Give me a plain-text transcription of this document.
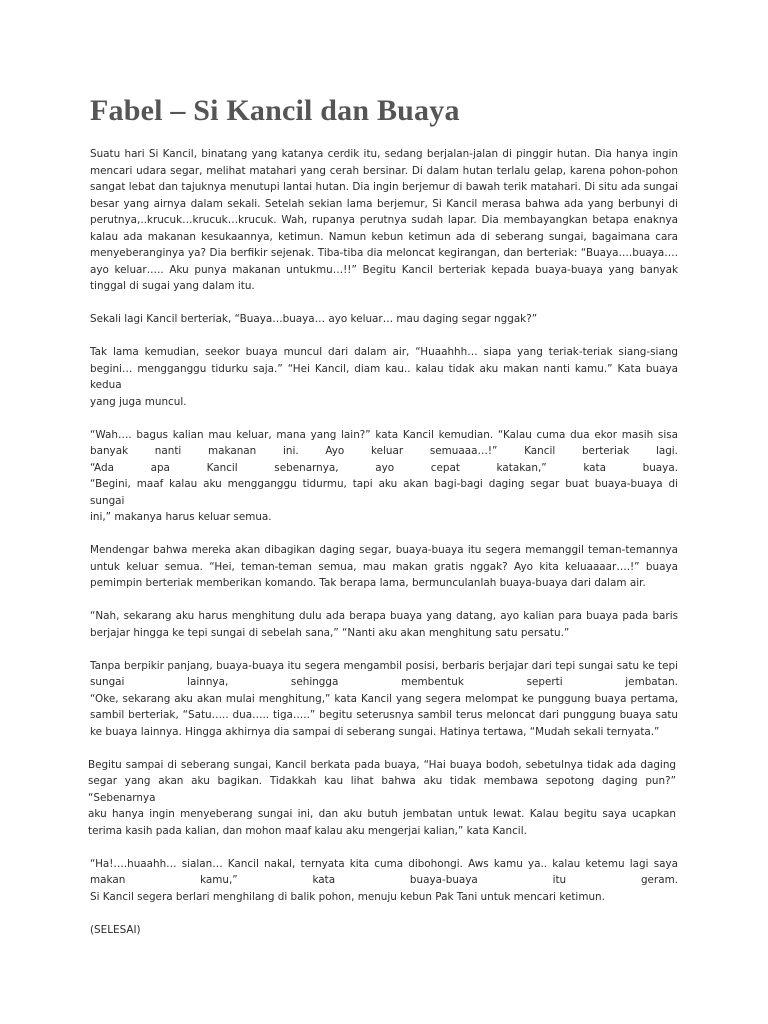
Fabel – Si Kancil dan Buaya

Suatu hari Si Kancil, binatang yang katanya cerdik itu, sedang berjalan-jalan di pinggir hutan. Dia hanya ingin
mencari udara segar, melihat matahari yang cerah bersinar. Di dalam hutan terlalu gelap, karena pohon-pohon
sangat lebat dan tajuknya menutupi lantai hutan. Dia ingin berjemur di bawah terik matahari. Di situ ada sungai
besar yang airnya dalam sekali. Setelah sekian lama berjemur, Si Kancil merasa bahwa ada yang berbunyi di
perutnya,..krucuk…krucuk…krucuk. Wah, rupanya perutnya sudah lapar. Dia membayangkan betapa enaknya
kalau ada makanan kesukaannya, ketimun. Namun kebun ketimun ada di seberang sungai, bagaimana cara
menyeberanginya ya? Dia berfikir sejenak. Tiba-tiba dia meloncat kegirangan, dan berteriak: “Buaya….buaya….
ayo keluar….. Aku punya makanan untukmu…!!” Begitu Kancil berteriak kepada buaya-buaya yang banyak
tinggal di sugai yang dalam itu.

Sekali lagi Kancil berteriak, “Buaya…buaya… ayo keluar… mau daging segar nggak?”

Tak lama kemudian, seekor buaya muncul dari dalam air, “Huaahhh… siapa yang teriak-teriak siang-siang
begini… mengganggu tidurku saja.” “Hei Kancil, diam kau.. kalau tidak aku makan nanti kamu.” Kata buaya kedua
yang juga muncul.

“Wah…. bagus kalian mau keluar, mana yang lain?” kata Kancil kemudian. “Kalau cuma dua ekor masih sisa
banyak nanti makanan ini. Ayo keluar semuaaa…!” Kancil berteriak lagi.
“Ada apa Kancil sebenarnya, ayo cepat katakan,” kata buaya.
“Begini, maaf kalau aku mengganggu tidurmu, tapi aku akan bagi-bagi daging segar buat buaya-buaya di sungai
ini,” makanya harus keluar semua.

Mendengar bahwa mereka akan dibagikan daging segar, buaya-buaya itu segera memanggil teman-temannya
untuk keluar semua. “Hei, teman-teman semua, mau makan gratis nggak? Ayo kita keluaaaar….!” buaya
pemimpin berteriak memberikan komando. Tak berapa lama, bermunculanlah buaya-buaya dari dalam air.

“Nah, sekarang aku harus menghitung dulu ada berapa buaya yang datang, ayo kalian para buaya pada baris
berjajar hingga ke tepi sungai di sebelah sana,” “Nanti aku akan menghitung satu persatu.”

Tanpa berpikir panjang, buaya-buaya itu segera mengambil posisi, berbaris berjajar dari tepi sungai satu ke tepi
sungai lainnya, sehingga membentuk seperti jembatan.
“Oke, sekarang aku akan mulai menghitung,” kata Kancil yang segera melompat ke punggung buaya pertama,
sambil berteriak, “Satu….. dua….. tiga…..” begitu seterusnya sambil terus meloncat dari punggung buaya satu
ke buaya lainnya. Hingga akhirnya dia sampai di seberang sungai. Hatinya tertawa, “Mudah sekali ternyata.”

Begitu sampai di seberang sungai, Kancil berkata pada buaya, “Hai buaya bodoh, sebetulnya tidak ada daging
segar yang akan aku bagikan. Tidakkah kau lihat bahwa aku tidak membawa sepotong daging pun?” “Sebenarnya
aku hanya ingin menyeberang sungai ini, dan aku butuh jembatan untuk lewat. Kalau begitu saya ucapkan
terima kasih pada kalian, dan mohon maaf kalau aku mengerjai kalian,” kata Kancil.

“Ha!….huaahh… sialan… Kancil nakal, ternyata kita cuma dibohongi. Aws kamu ya.. kalau ketemu lagi saya
makan kamu,” kata buaya-buaya itu geram.
Si Kancil segera berlari menghilang di balik pohon, menuju kebun Pak Tani untuk mencari ketimun.

(SELESAI)
